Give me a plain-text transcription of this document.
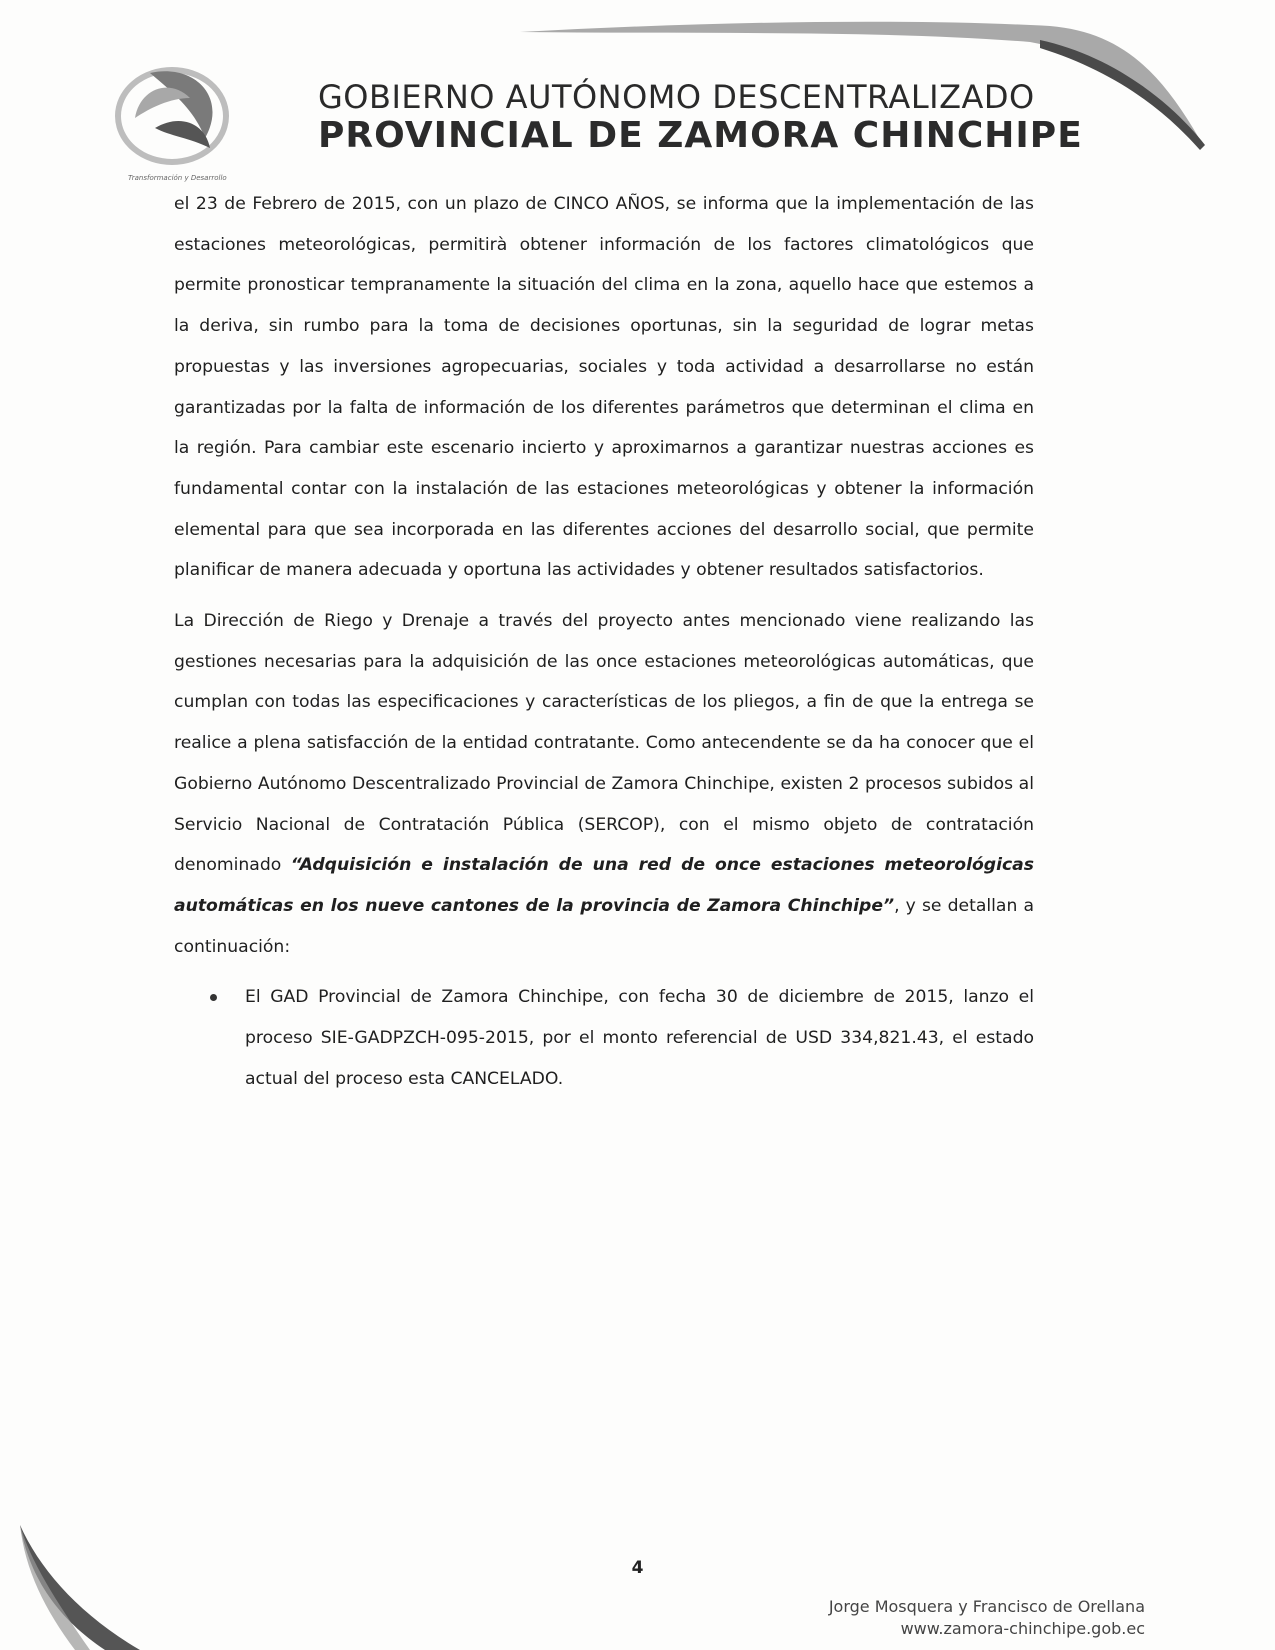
Transformación y Desarrollo
GOBIERNO AUTÓNOMO DESCENTRALIZADO
PROVINCIAL DE ZAMORA CHINCHIPE

el 23 de Febrero de 2015, con un plazo de CINCO AÑOS, se informa que la implementación de las estaciones meteorológicas, permitirà obtener información de los factores climatológicos que permite pronosticar tempranamente la situación del clima en la zona, aquello hace que estemos a la deriva, sin rumbo para la toma de decisiones oportunas, sin la seguridad de lograr metas propuestas y las inversiones agropecuarias, sociales y toda actividad a desarrollarse no están garantizadas por la falta de información de los diferentes parámetros que determinan el clima en la región. Para cambiar este escenario incierto y aproximarnos a garantizar nuestras acciones es fundamental contar con la instalación de las estaciones meteorológicas y obtener la información elemental para que sea incorporada en las diferentes acciones del desarrollo social, que permite planificar de manera adecuada y oportuna las actividades y obtener resultados satisfactorios.

La Dirección de Riego y Drenaje a través del proyecto antes mencionado viene realizando las gestiones necesarias para la adquisición de las once estaciones meteorológicas automáticas, que cumplan con todas las especificaciones y características de los pliegos, a fin de que la entrega se realice a plena satisfacción de la entidad contratante. Como antecendente se da ha conocer que el Gobierno Autónomo Descentralizado Provincial de Zamora Chinchipe, existen 2 procesos subidos al Servicio Nacional de Contratación Pública (SERCOP), con el mismo objeto de contratación denominado “Adquisición e instalación de una red de once estaciones meteorológicas automáticas en los nueve cantones de la provincia de Zamora Chinchipe”, y se detallan a continuación:

El GAD Provincial de Zamora Chinchipe, con fecha 30 de diciembre de 2015, lanzo el proceso SIE-GADPZCH-095-2015, por el monto referencial de USD 334,821.43, el estado actual del proceso esta CANCELADO.
4
Jorge Mosquera y Francisco de Orellana
www.zamora-chinchipe.gob.ec
